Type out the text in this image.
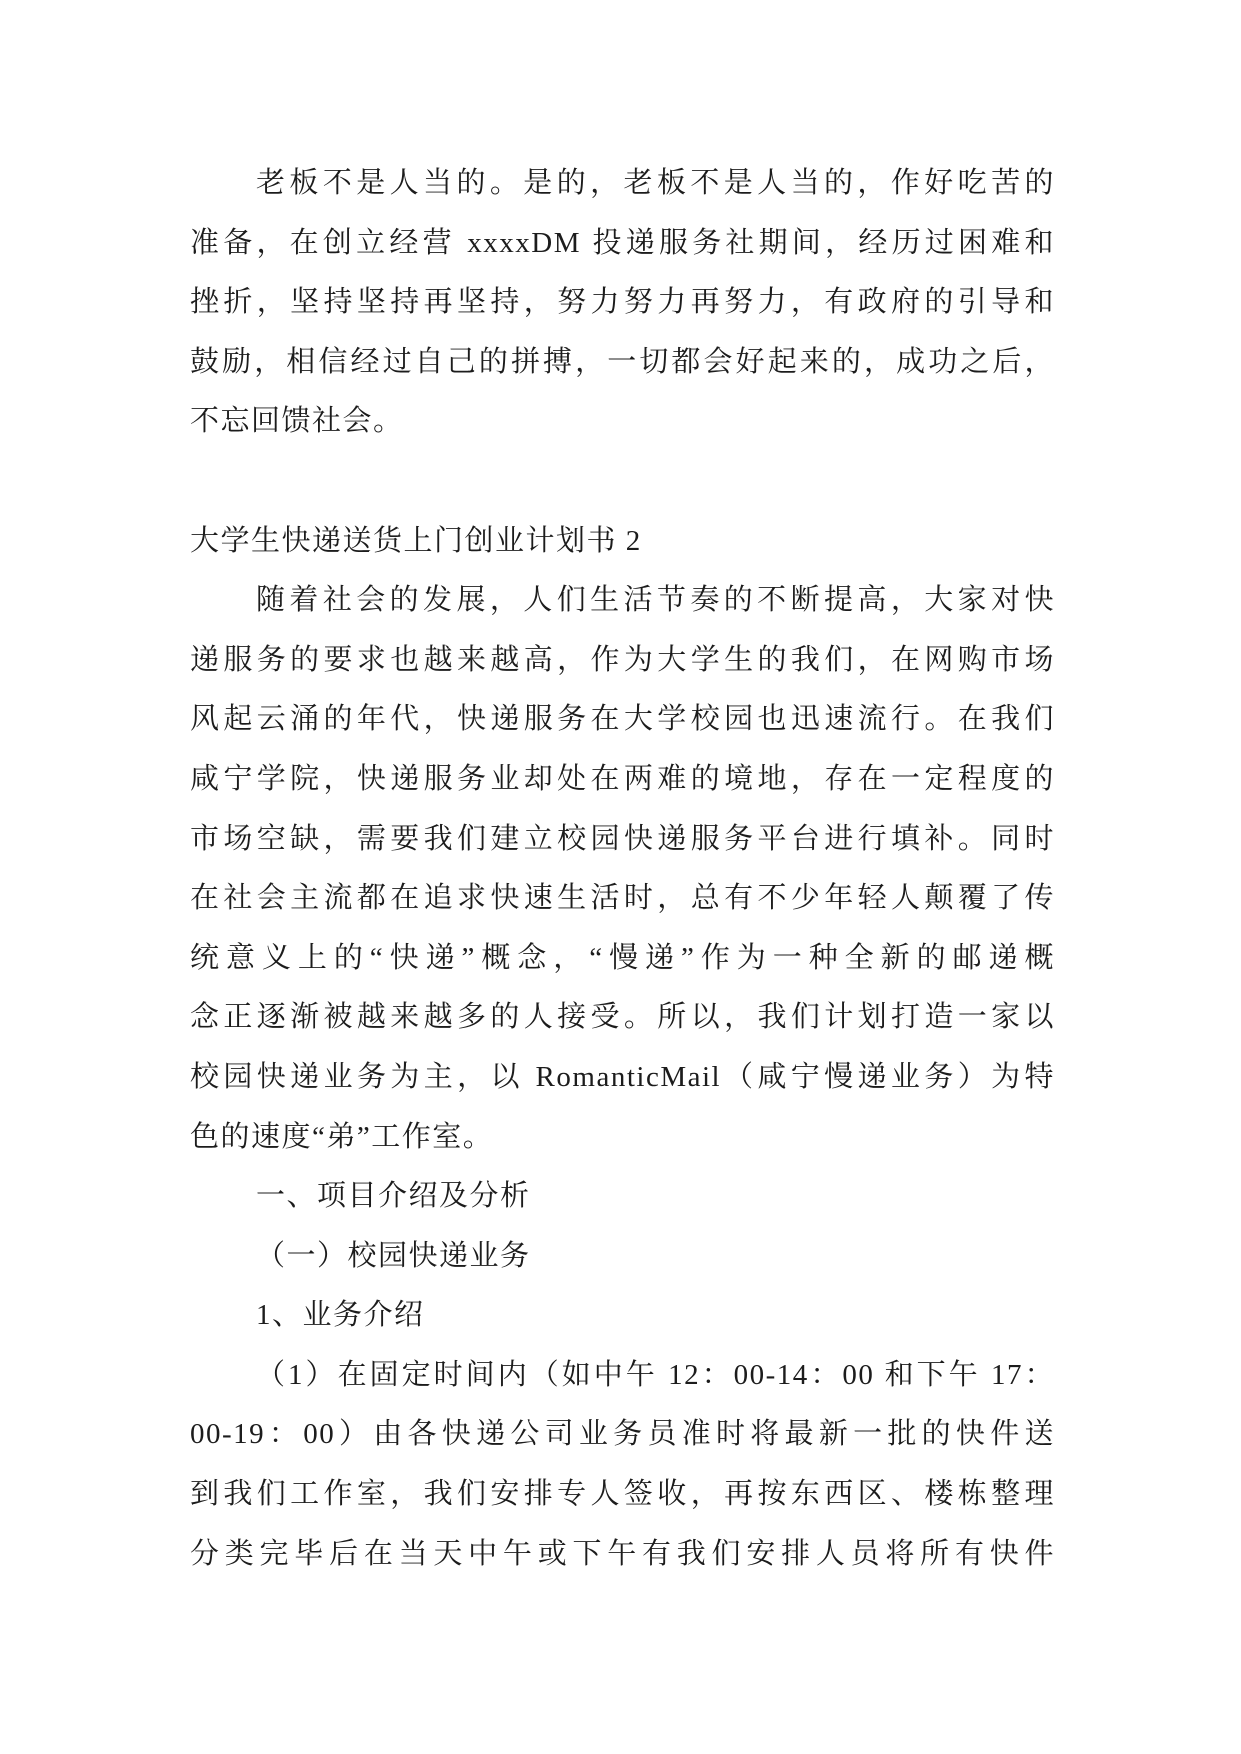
老板不是人当的。是的，老板不是人当的，作好吃苦的
准备，在创立经营 xxxxDM 投递服务社期间，经历过困难和
挫折，坚持坚持再坚持，努力努力再努力，有政府的引导和
鼓励，相信经过自己的拼搏，一切都会好起来的，成功之后，
不忘回馈社会。
大学生快递送货上门创业计划书 2
随着社会的发展，人们生活节奏的不断提高，大家对快
递服务的要求也越来越高，作为大学生的我们，在网购市场
风起云涌的年代，快递服务在大学校园也迅速流行。在我们
咸宁学院，快递服务业却处在两难的境地，存在一定程度的
市场空缺，需要我们建立校园快递服务平台进行填补。同时
在社会主流都在追求快速生活时，总有不少年轻人颠覆了传
统意义上的“快递”概念，“慢递”作为一种全新的邮递概
念正逐渐被越来越多的人接受。所以，我们计划打造一家以
校园快递业务为主，以 RomanticMail（咸宁慢递业务）为特
色的速度“弟”工作室。
一、项目介绍及分析
（一）校园快递业务
1、业务介绍
（1）在固定时间内（如中午 12：00-14：00 和下午 17：
00-19：00）由各快递公司业务员准时将最新一批的快件送
到我们工作室，我们安排专人签收，再按东西区、楼栋整理
分类完毕后在当天中午或下午有我们安排人员将所有快件
